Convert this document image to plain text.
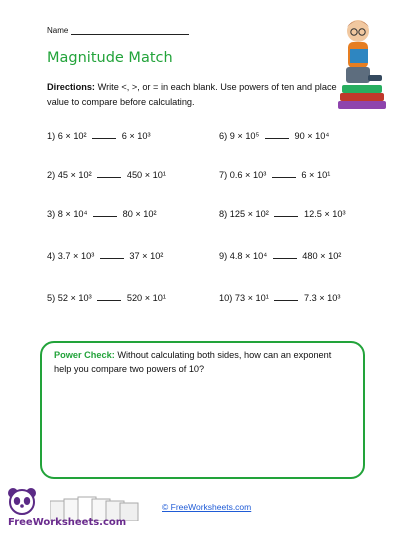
Name
Magnitude Match
Directions: Write <, >, or = in each blank. Use powers of ten and place value to compare before calculating.
1) 6 × 10²	6 × 10³
2) 45 × 10²	450 × 10¹
3) 8 × 10⁴	80 × 10²
4) 3.7 × 10³	37 × 10²
5) 52 × 10³	520 × 10¹
6) 9 × 10⁵	90 × 10⁴
7) 0.6 × 10³	6 × 10¹
8) 125 × 10²	12.5 × 10³
9) 4.8 × 10⁴	480 × 10²
10) 73 × 10¹	7.3 × 10³
Power Check: Without calculating both sides, how can an exponent help you compare two powers of 10?
FreeWorksheets.com
© FreeWorksheets.com
